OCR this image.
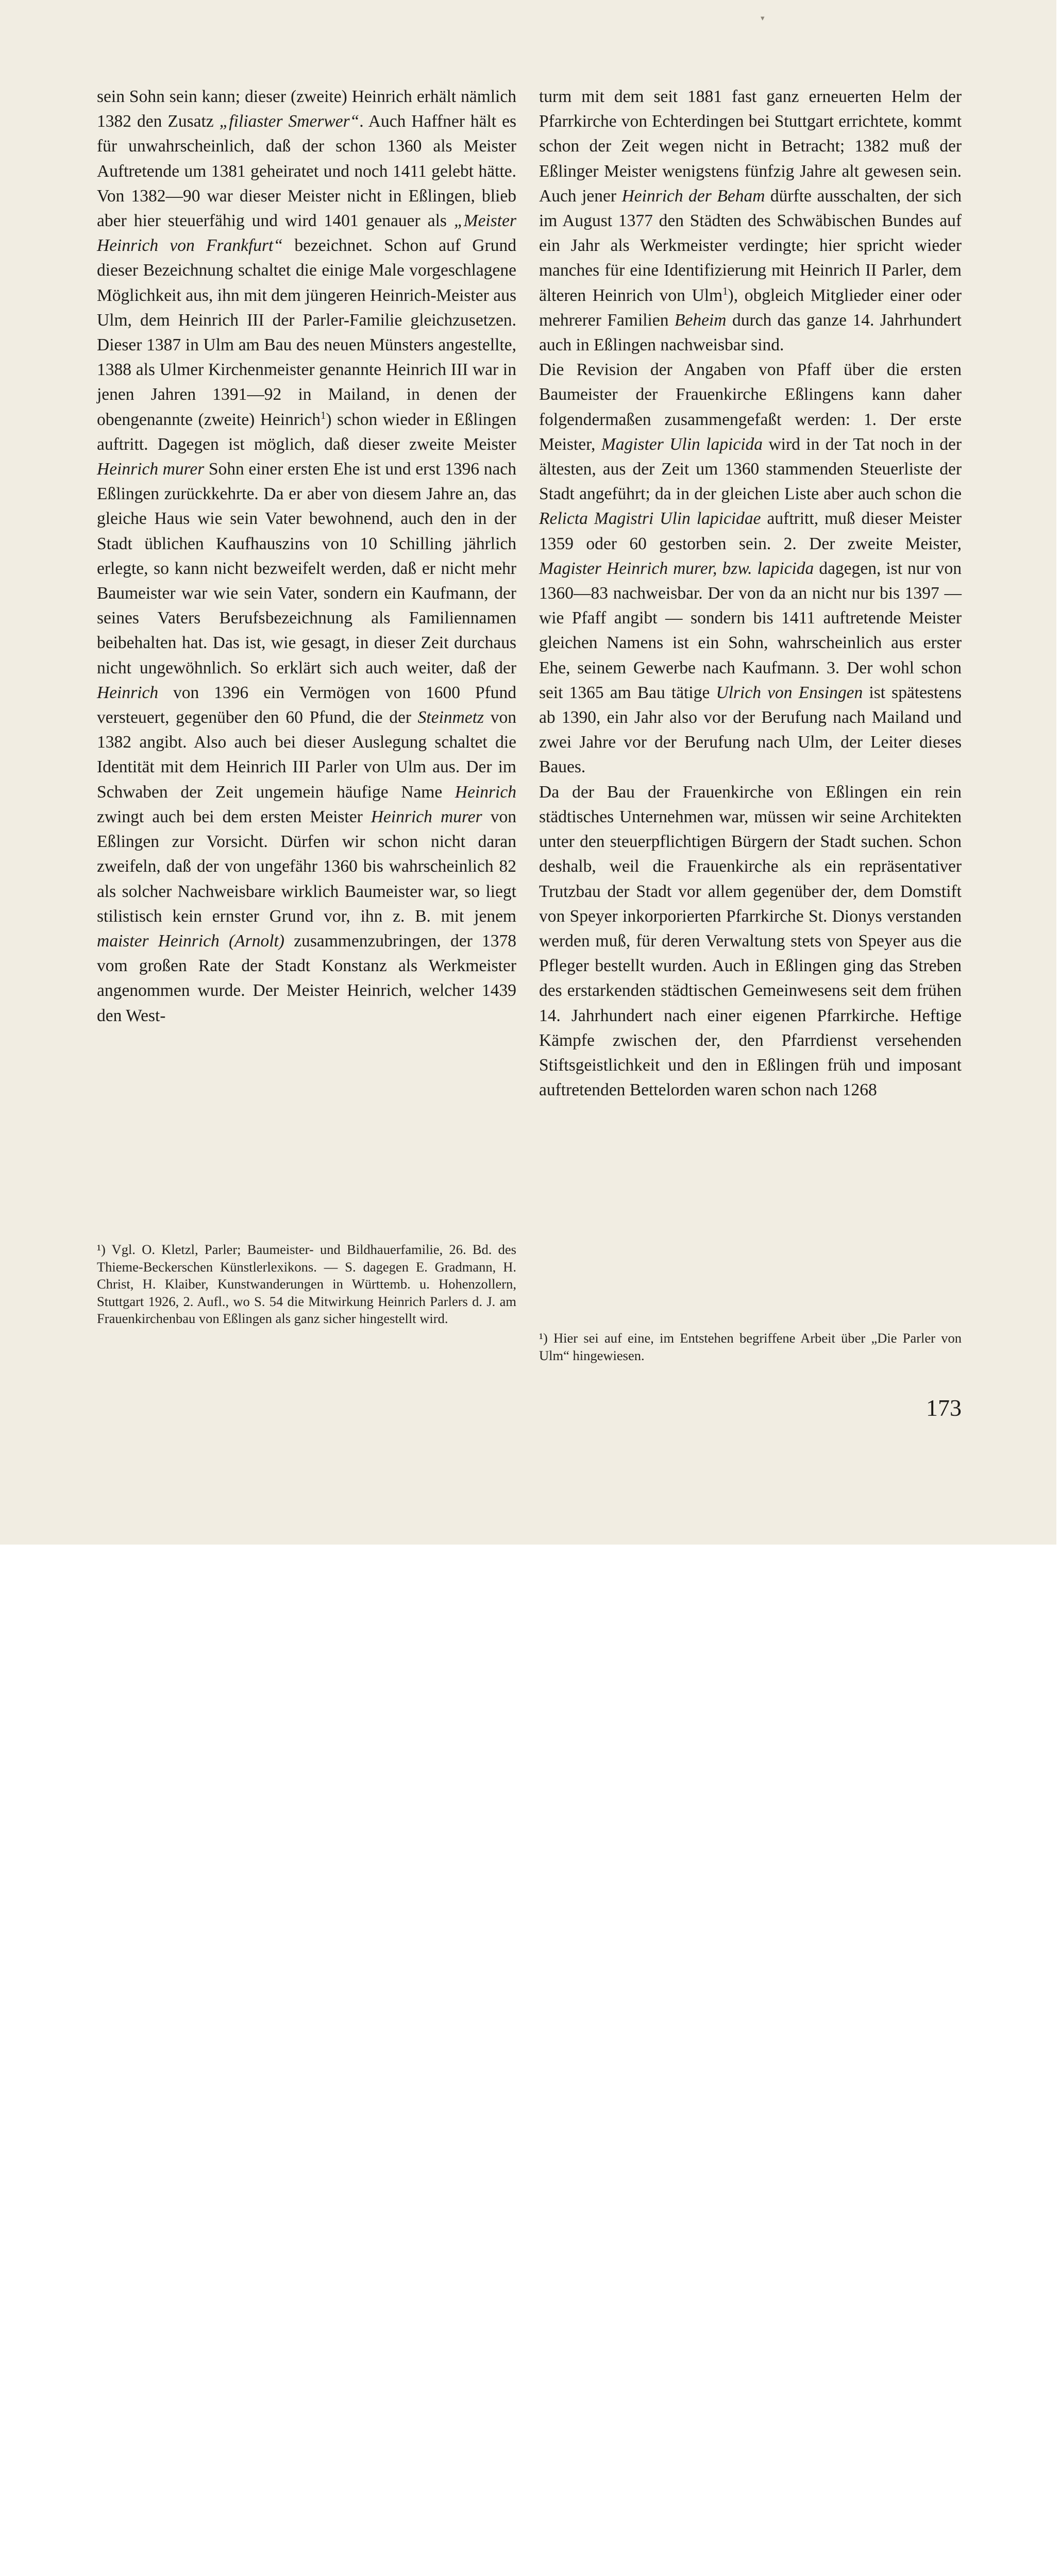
▾

sein Sohn sein kann; dieser (zweite) Heinrich erhält nämlich 1382 den Zusatz „filiaster Smerwer“. Auch Haffner hält es für unwahrscheinlich, daß der schon 1360 als Meister Auftretende um 1381 geheiratet und noch 1411 gelebt hätte. Von 1382—90 war dieser Meister nicht in Eßlingen, blieb aber hier steuerfähig und wird 1401 genauer als „Meister Heinrich von Frankfurt“ bezeichnet. Schon auf Grund dieser Bezeichnung schaltet die einige Male vorgeschlagene Möglichkeit aus, ihn mit dem jüngeren Heinrich-Meister aus Ulm, dem Heinrich III der Parler-Familie gleichzusetzen. Dieser 1387 in Ulm am Bau des neuen Münsters angestellte, 1388 als Ulmer Kirchenmeister genannte Heinrich III war in jenen Jahren 1391—92 in Mailand, in denen der obengenannte (zweite) Heinrich$^1$) schon wieder in Eßlingen auftritt. Dagegen ist möglich, daß dieser zweite Meister Heinrich murer Sohn einer ersten Ehe ist und erst 1396 nach Eßlingen zurückkehrte. Da er aber von diesem Jahre an, das gleiche Haus wie sein Vater bewohnend, auch den in der Stadt üblichen Kaufhauszins von 10 Schilling jährlich erlegte, so kann nicht bezweifelt werden, daß er nicht mehr Baumeister war wie sein Vater, sondern ein Kaufmann, der seines Vaters Berufsbezeichnung als Familiennamen beibehalten hat. Das ist, wie gesagt, in dieser Zeit durchaus nicht ungewöhnlich. So erklärt sich auch weiter, daß der Heinrich von 1396 ein Vermögen von 1600 Pfund versteuert, gegenüber den 60 Pfund, die der Steinmetz von 1382 angibt. Also auch bei dieser Auslegung schaltet die Identität mit dem Heinrich III Parler von Ulm aus. Der im Schwaben der Zeit ungemein häufige Name Heinrich zwingt auch bei dem ersten Meister Heinrich murer von Eßlingen zur Vorsicht. Dürfen wir schon nicht daran zweifeln, daß der von ungefähr 1360 bis wahrscheinlich 82 als solcher Nachweisbare wirklich Baumeister war, so liegt stilistisch kein ernster Grund vor, ihn z. B. mit jenem maister Heinrich (Arnolt) zusammenzubringen, der 1378 vom großen Rate der Stadt Konstanz als Werkmeister angenommen wurde. Der Meister Heinrich, welcher 1439 den West-

turm mit dem seit 1881 fast ganz erneuerten Helm der Pfarrkirche von Echterdingen bei Stuttgart errichtete, kommt schon der Zeit wegen nicht in Betracht; 1382 muß der Eßlinger Meister wenigstens fünfzig Jahre alt gewesen sein. Auch jener Heinrich der Beham dürfte ausschalten, der sich im August 1377 den Städten des Schwäbischen Bundes auf ein Jahr als Werkmeister verdingte; hier spricht wieder manches für eine Identifizierung mit Heinrich II Parler, dem älteren Heinrich von Ulm$^1$), obgleich Mitglieder einer oder mehrerer Familien Beheim durch das ganze 14. Jahrhundert auch in Eßlingen nachweisbar sind.

Die Revision der Angaben von Pfaff über die ersten Baumeister der Frauenkirche Eßlingens kann daher folgendermaßen zusammengefaßt werden: 1. Der erste Meister, Magister Ulin lapicida wird in der Tat noch in der ältesten, aus der Zeit um 1360 stammenden Steuerliste der Stadt angeführt; da in der gleichen Liste aber auch schon die Relicta Magistri Ulin lapicidae auftritt, muß dieser Meister 1359 oder 60 gestorben sein. 2. Der zweite Meister, Magister Heinrich murer, bzw. lapicida dagegen, ist nur von 1360—83 nachweisbar. Der von da an nicht nur bis 1397 — wie Pfaff angibt — sondern bis 1411 auftretende Meister gleichen Namens ist ein Sohn, wahrscheinlich aus erster Ehe, seinem Gewerbe nach Kaufmann. 3. Der wohl schon seit 1365 am Bau tätige Ulrich von Ensingen ist spätestens ab 1390, ein Jahr also vor der Berufung nach Mailand und zwei Jahre vor der Berufung nach Ulm, der Leiter dieses Baues.

Da der Bau der Frauenkirche von Eßlingen ein rein städtisches Unternehmen war, müssen wir seine Architekten unter den steuerpflichtigen Bürgern der Stadt suchen. Schon deshalb, weil die Frauenkirche als ein repräsentativer Trutzbau der Stadt vor allem gegenüber der, dem Domstift von Speyer inkorporierten Pfarrkirche St. Dionys verstanden werden muß, für deren Verwaltung stets von Speyer aus die Pfleger bestellt wurden. Auch in Eßlingen ging das Streben des erstarkenden städtischen Gemeinwesens seit dem frühen 14. Jahrhundert nach einer eigenen Pfarrkirche. Heftige Kämpfe zwischen der, den Pfarrdienst versehenden Stiftsgeistlichkeit und den in Eßlingen früh und imposant auftretenden Bettelorden waren schon nach 1268

¹) Vgl. O. Kletzl, Parler; Baumeister- und Bildhauerfamilie, 26. Bd. des Thieme-Beckerschen Künstlerlexikons. — S. dagegen E. Gradmann, H. Christ, H. Klaiber, Kunstwanderungen in Württemb. u. Hohenzollern, Stuttgart 1926, 2. Aufl., wo S. 54 die Mitwirkung Heinrich Parlers d. J. am Frauenkirchenbau von Eßlingen als ganz sicher hingestellt wird.
¹) Hier sei auf eine, im Entstehen begriffene Arbeit über „Die Parler von Ulm“ hingewiesen.
173
